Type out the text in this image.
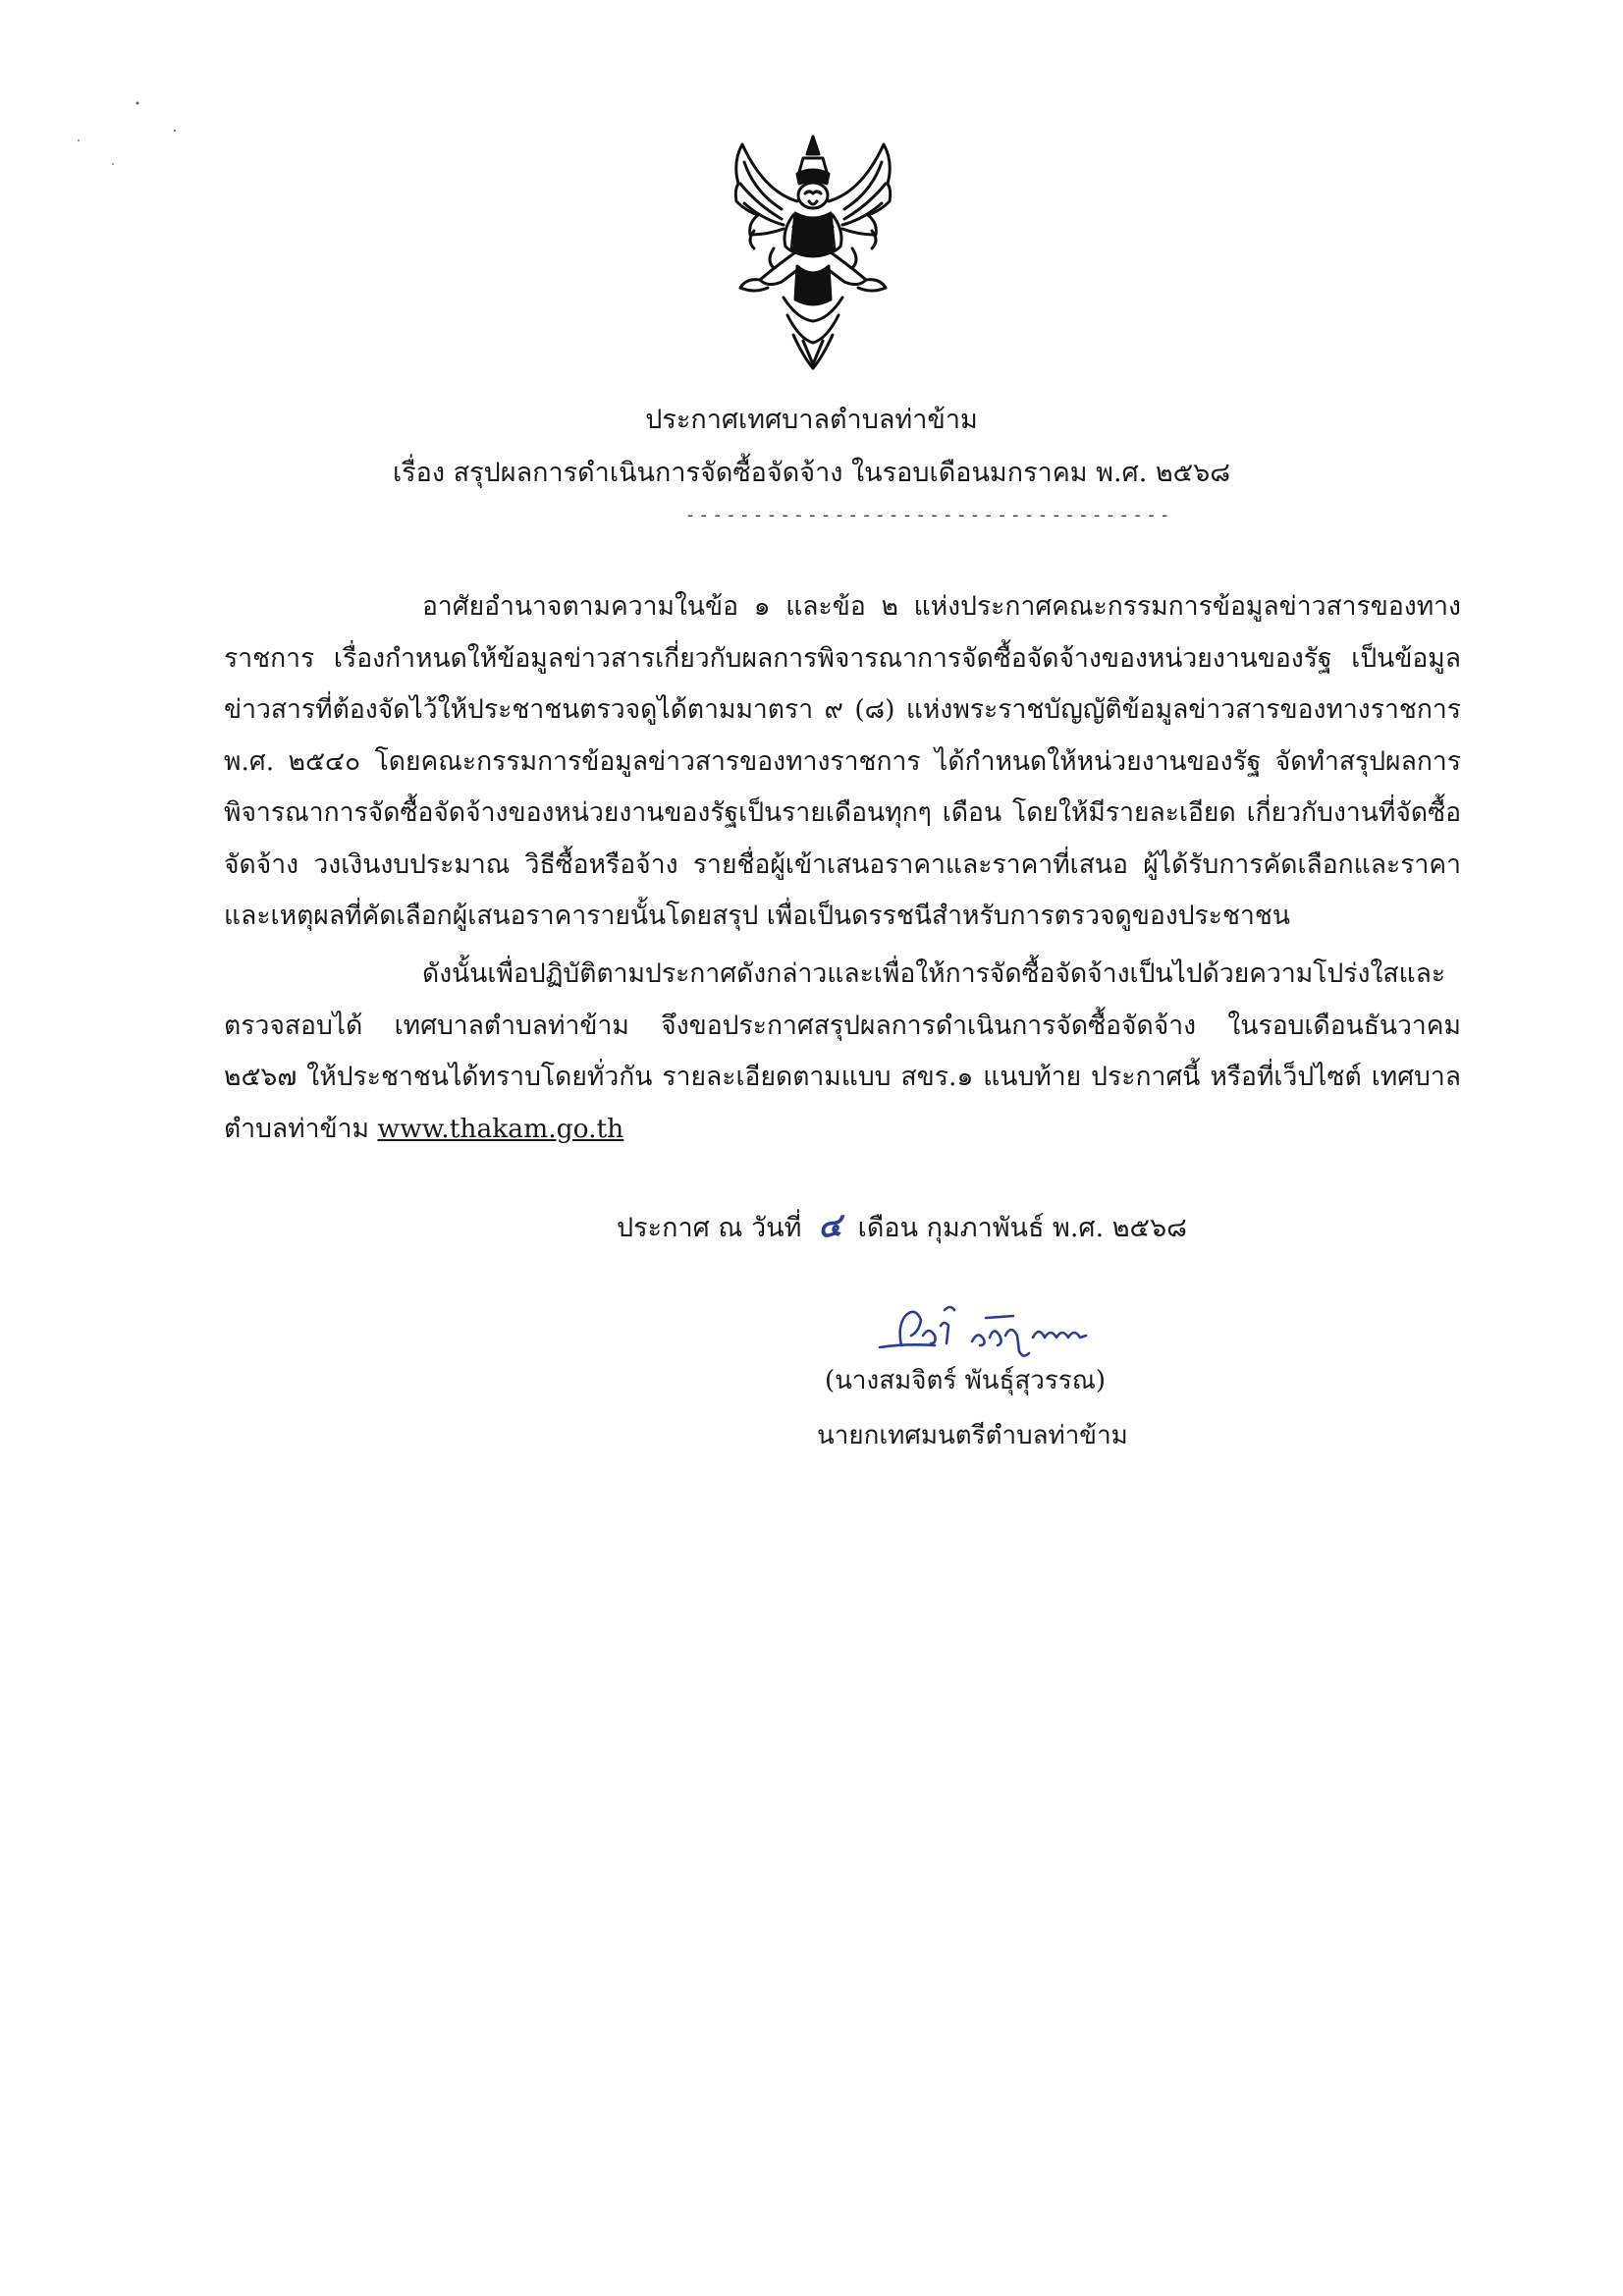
ประกาศเทศบาลตำบลท่าข้าม
เรื่อง สรุปผลการดำเนินการจัดซื้อจัดจ้าง ในรอบเดือนมกราคม พ.ศ. ๒๕๖๘
- - - - - - - - - - - - - - - - - - - - - - - - - - - - - - - - - - - -
อาศัยอำนาจตามความในข้อ ๑ และข้อ ๒ แห่งประกาศคณะกรรมการข้อมูลข่าวสารของทางราชการ เรื่องกำหนดให้ข้อมูลข่าวสารเกี่ยวกับผลการพิจารณาการจัดซื้อจัดจ้างของหน่วยงานของรัฐ เป็นข้อมูลข่าวสารที่ต้องจัดไว้ให้ประชาชนตรวจดูได้ตามมาตรา ๙ (๘) แห่งพระราชบัญญัติข้อมูลข่าวสารของทางราชการ พ.ศ. ๒๕๔๐ โดยคณะกรรมการข้อมูลข่าวสารของทางราชการ ได้กำหนดให้หน่วยงานของรัฐ จัดทำสรุปผลการพิจารณาการจัดซื้อจัดจ้างของหน่วยงานของรัฐเป็นรายเดือนทุกๆ เดือน โดยให้มีรายละเอียด เกี่ยวกับงานที่จัดซื้อจัดจ้าง วงเงินงบประมาณ วิธีซื้อหรือจ้าง รายชื่อผู้เข้าเสนอราคาและราคาที่เสนอ ผู้ได้รับการคัดเลือกและราคา และเหตุผลที่คัดเลือกผู้เสนอราคารายนั้นโดยสรุป เพื่อเป็นดรรชนีสำหรับการตรวจดูของประชาชน
ดังนั้นเพื่อปฏิบัติตามประกาศดังกล่าวและเพื่อให้การจัดซื้อจัดจ้างเป็นไปด้วยความโปร่งใสและตรวจสอบได้ เทศบาลตำบลท่าข้าม จึงขอประกาศสรุปผลการดำเนินการจัดซื้อจัดจ้าง ในรอบเดือนธันวาคม ๒๕๖๗ ให้ประชาชนได้ทราบโดยทั่วกัน รายละเอียดตามแบบ สขร.๑ แนบท้าย ประกาศนี้ หรือที่เว็ปไซต์ เทศบาลตำบลท่าข้าม www.thakam.go.th
ประกาศ ณ วันที่ ๔ เดือน กุมภาพันธ์ พ.ศ. ๒๕๖๘
(นางสมจิตร์ พันธุ์สุวรรณ)
นายกเทศมนตรีตำบลท่าข้าม
